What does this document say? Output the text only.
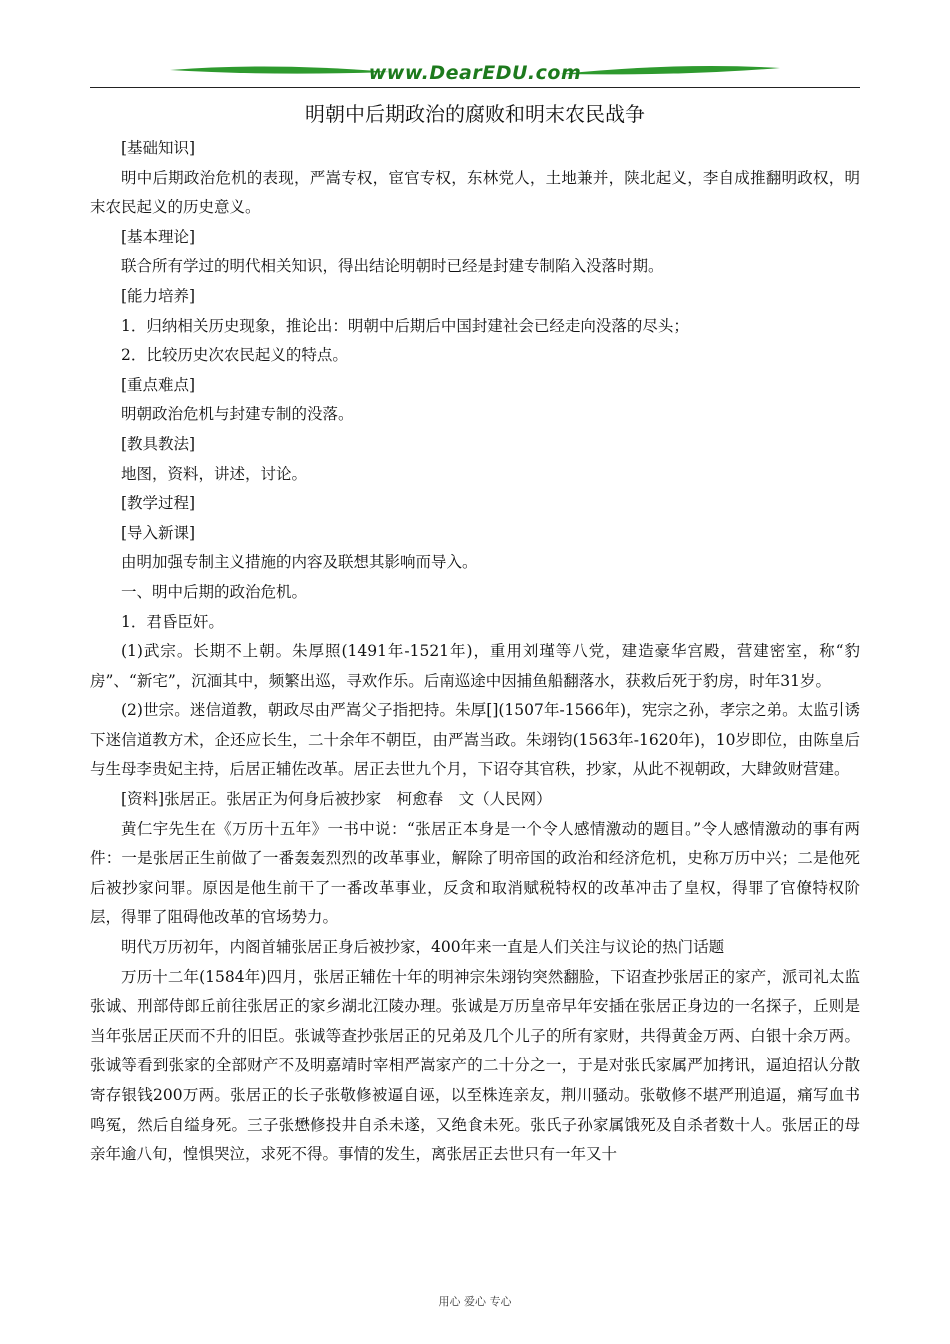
www.DearEDU.com
明朝中后期政治的腐败和明末农民战争

[基础知识]

明中后期政治危机的表现，严嵩专权，宦官专权，东林党人，土地兼并，陕北起义，李自成推翻明政权，明末农民起义的历史意义。

[基本理论]

联合所有学过的明代相关知识，得出结论明朝时已经是封建专制陷入没落时期。

[能力培养]

1．归纳相关历史现象，推论出：明朝中后期后中国封建社会已经走向没落的尽头；

2．比较历史次农民起义的特点。

[重点难点]

明朝政治危机与封建专制的没落。

[教具教法]

地图，资料，讲述，讨论。

[教学过程]

[导入新课]

由明加强专制主义措施的内容及联想其影响而导入。

一、明中后期的政治危机。

1．君昏臣奸。

(1)武宗。长期不上朝。朱厚照(1491年-1521年)，重用刘瑾等八党，建造豪华宫殿，营建密室，称“豹房”、“新宅”，沉湎其中，频繁出巡，寻欢作乐。后南巡途中因捕鱼船翻落水，获救后死于豹房，时年31岁。

(2)世宗。迷信道教，朝政尽由严嵩父子指把持。朱厚[](1507年-1566年)，宪宗之孙，孝宗之弟。太监引诱下迷信道教方术，企还应长生，二十余年不朝臣，由严嵩当政。朱翊钧(1563年-1620年)，10岁即位，由陈皇后与生母李贵妃主持，后居正辅佐改革。居正去世九个月，下诏夺其官秩，抄家，从此不视朝政，大肆敛财营建。

[资料]张居正。张居正为何身后被抄家　柯愈春　文（人民网）

黄仁宇先生在《万历十五年》一书中说：“张居正本身是一个令人感情激动的题目。”令人感情激动的事有两件：一是张居正生前做了一番轰轰烈烈的改革事业，解除了明帝国的政治和经济危机，史称万历中兴；二是他死后被抄家问罪。原因是他生前干了一番改革事业，反贪和取消赋税特权的改革冲击了皇权，得罪了官僚特权阶层，得罪了阻碍他改革的官场势力。

明代万历初年，内阁首辅张居正身后被抄家，400年来一直是人们关注与议论的热门话题

万历十二年(1584年)四月，张居正辅佐十年的明神宗朱翊钧突然翻脸，下诏查抄张居正的家产，派司礼太监张诚、刑部侍郎丘前往张居正的家乡湖北江陵办理。张诚是万历皇帝早年安插在张居正身边的一名探子，丘则是当年张居正厌而不升的旧臣。张诚等查抄张居正的兄弟及几个儿子的所有家财，共得黄金万两、白银十余万两。张诚等看到张家的全部财产不及明嘉靖时宰相严嵩家产的二十分之一，于是对张氏家属严加拷讯，逼迫招认分散寄存银钱200万两。张居正的长子张敬修被逼自诬，以至株连亲友，荆川骚动。张敬修不堪严刑追逼，痛写血书鸣冤，然后自缢身死。三子张懋修投井自杀未遂，又绝食未死。张氏子孙家属饿死及自杀者数十人。张居正的母亲年逾八旬，惶惧哭泣，求死不得。事情的发生，离张居正去世只有一年又十

用心 爱心 专心
